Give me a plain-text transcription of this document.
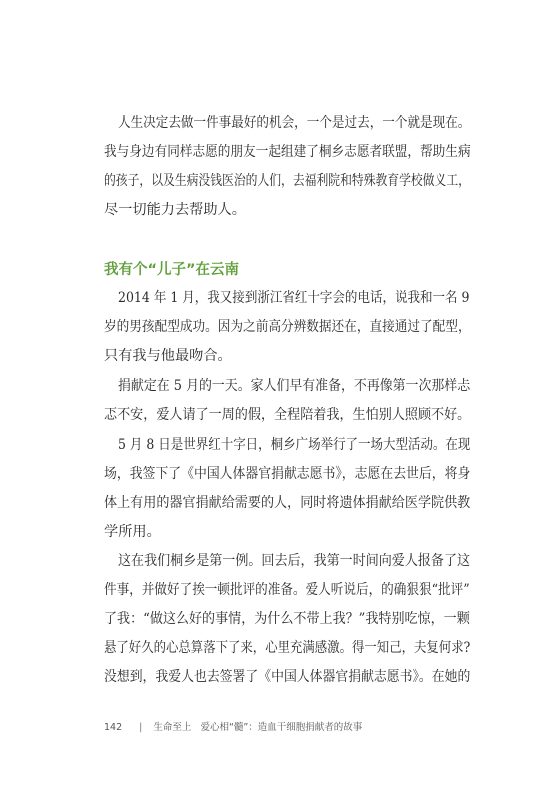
人生决定去做一件事最好的机会，一个是过去，一个就是现在。
我与身边有同样志愿的朋友一起组建了桐乡志愿者联盟，帮助生病
的孩子，以及生病没钱医治的人们，去福利院和特殊教育学校做义工，
尽一切能力去帮助人。
我有个“儿子”在云南
2014 年 1 月，我又接到浙江省红十字会的电话，说我和一名 9
岁的男孩配型成功。因为之前高分辨数据还在，直接通过了配型，
只有我与他最吻合。
捐献定在 5 月的一天。家人们早有准备，不再像第一次那样忐
忑不安，爱人请了一周的假，全程陪着我，生怕别人照顾不好。
5 月 8 日是世界红十字日，桐乡广场举行了一场大型活动。在现
场，我签下了《中国人体器官捐献志愿书》，志愿在去世后，将身
体上有用的器官捐献给需要的人，同时将遗体捐献给医学院供教
学所用。
这在我们桐乡是第一例。回去后，我第一时间向爱人报备了这
件事，并做好了挨一顿批评的准备。爱人听说后，的确狠狠“批评”
了我：“做这么好的事情，为什么不带上我？”我特别吃惊，一颗
悬了好久的心总算落下了来，心里充满感激。得一知己，夫复何求?
没想到，我爱人也去签署了《中国人体器官捐献志愿书》。在她的
142 | 生命至上 爱心相“髓”：造血干细胞捐献者的故事
